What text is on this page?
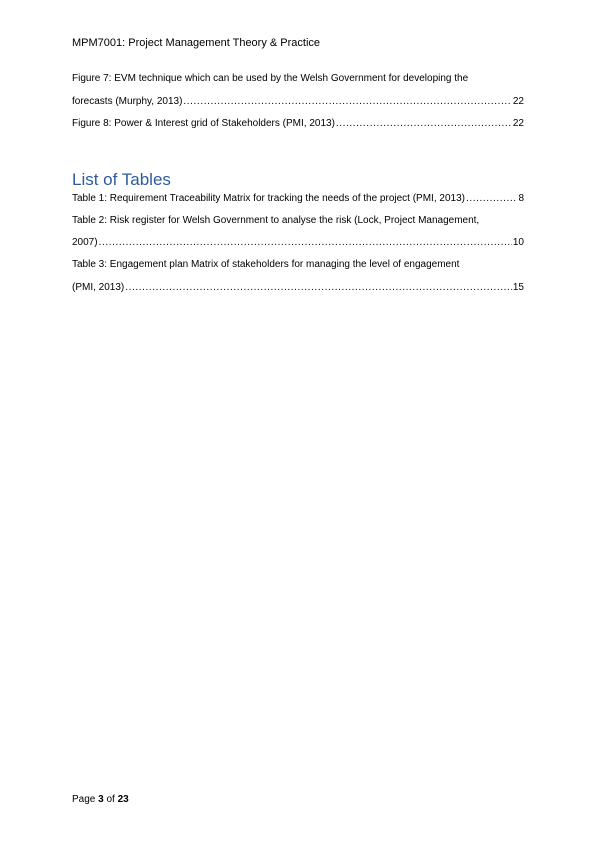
MPM7001: Project Management Theory & Practice
Figure 7: EVM technique which can be used by the Welsh Government for developing the
forecasts (Murphy, 2013) .....	22
Figure 8: Power & Interest grid of Stakeholders (PMI, 2013) .....	22
List of Tables
Table 1: Requirement Traceability Matrix for tracking the needs of the project (PMI, 2013) .....	8
Table 2: Risk register for Welsh Government to analyse the risk (Lock, Project Management,
2007) .....	10
Table 3: Engagement plan Matrix of stakeholders for managing the level of engagement
(PMI, 2013) .....	15
Page 3 of 23
